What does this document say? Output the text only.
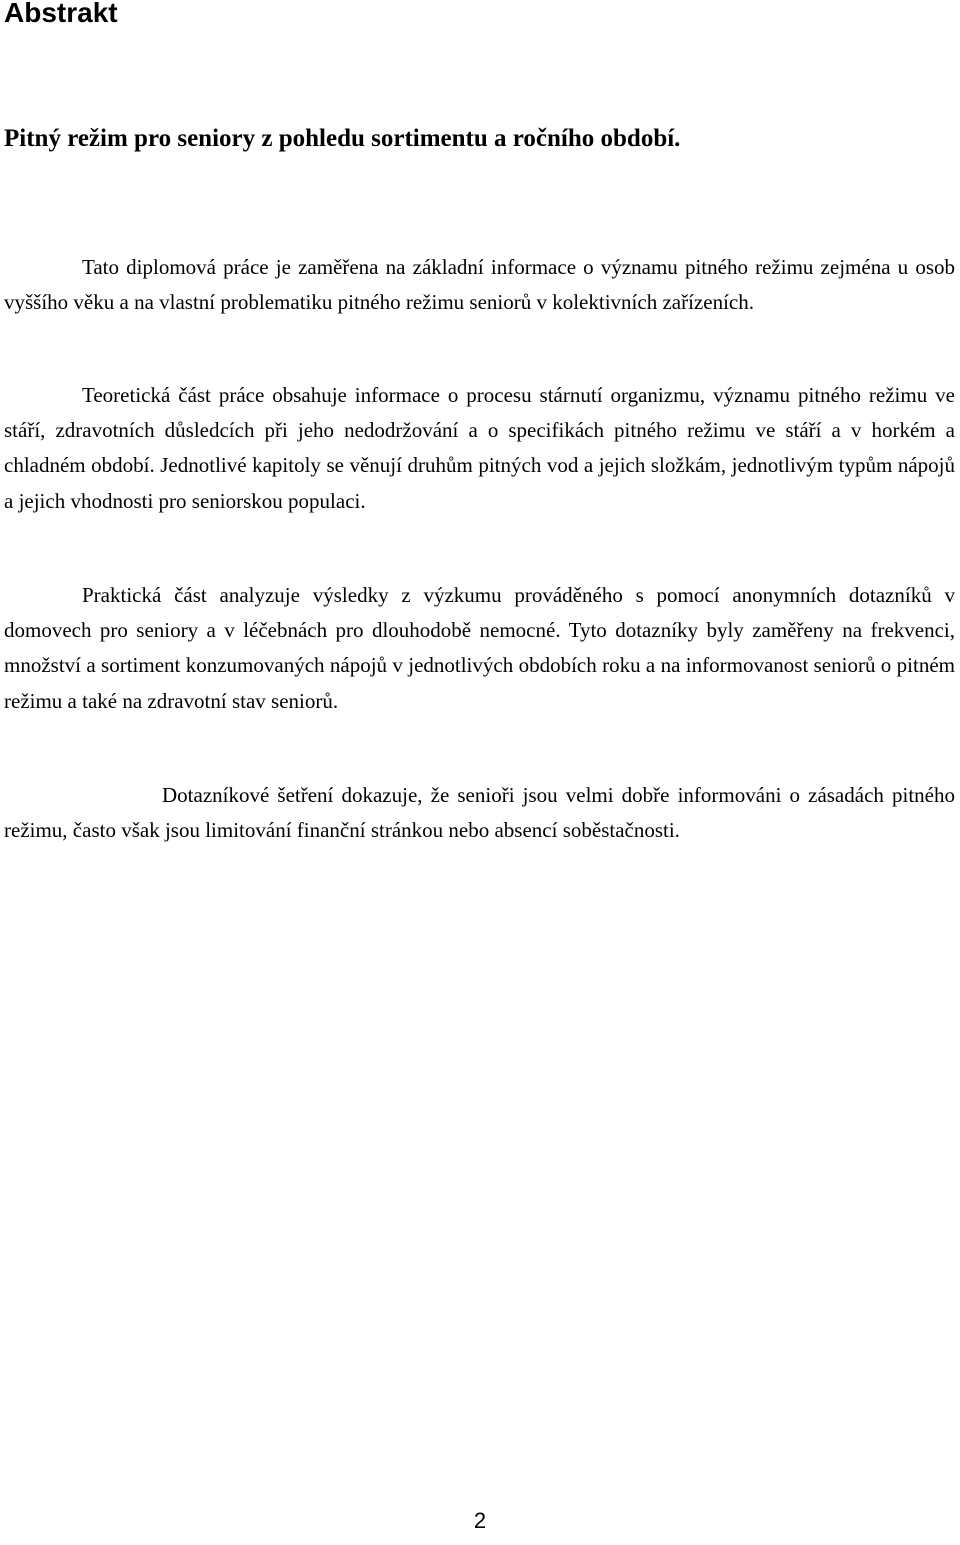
Abstrakt
Pitný režim pro seniory z pohledu sortimentu a ročního období.

Tato diplomová práce je zaměřena na základní informace o významu pitného režimu zejména u osob vyššího věku a na vlastní problematiku pitného režimu seniorů v kolektivních zařízeních.

Teoretická část práce obsahuje informace o procesu stárnutí organizmu, významu pitného režimu ve stáří, zdravotních důsledcích při jeho nedodržování a o specifikách pitného režimu ve stáří a v horkém a chladném období. Jednotlivé kapitoly se věnují druhům pitných vod a jejich složkám, jednotlivým typům nápojů a jejich vhodnosti pro seniorskou populaci.

Praktická část analyzuje výsledky z výzkumu prováděného s pomocí anonymních dotazníků v domovech pro seniory a v léčebnách pro dlouhodobě nemocné. Tyto dotazníky byly zaměřeny na frekvenci, množství a sortiment konzumovaných nápojů v jednotlivých obdobích roku a na informovanost seniorů o pitném režimu a také na zdravotní stav seniorů.

Dotazníkové šetření dokazuje, že senioři jsou velmi dobře informováni o zásadách pitného režimu, často však jsou limitování finanční stránkou nebo absencí soběstačnosti.

2
